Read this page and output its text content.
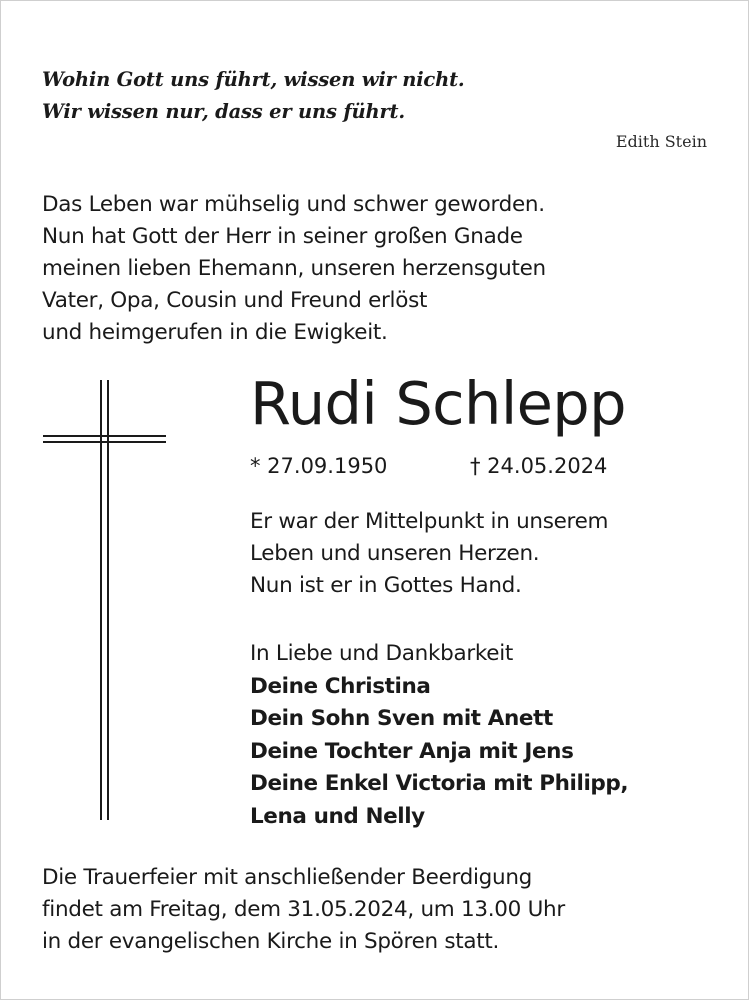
Wohin Gott uns führt, wissen wir nicht.
Wir wissen nur, dass er uns führt.
Edith Stein
Das Leben war mühselig und schwer geworden.
Nun hat Gott der Herr in seiner großen Gnade
meinen lieben Ehemann, unseren herzensguten
Vater, Opa, Cousin und Freund erlöst
und heimgerufen in die Ewigkeit.
Rudi Schlepp
* 27.09.1950	† 24.05.2024
Er war der Mittelpunkt in unserem
Leben und unseren Herzen.
Nun ist er in Gottes Hand.
In Liebe und Dankbarkeit
Deine Christina
Dein Sohn Sven mit Anett
Deine Tochter Anja mit Jens
Deine Enkel Victoria mit Philipp,
Lena und Nelly
Die Trauerfeier mit anschließender Beerdigung
findet am Freitag, dem 31.05.2024, um 13.00 Uhr
in der evangelischen Kirche in Spören statt.
